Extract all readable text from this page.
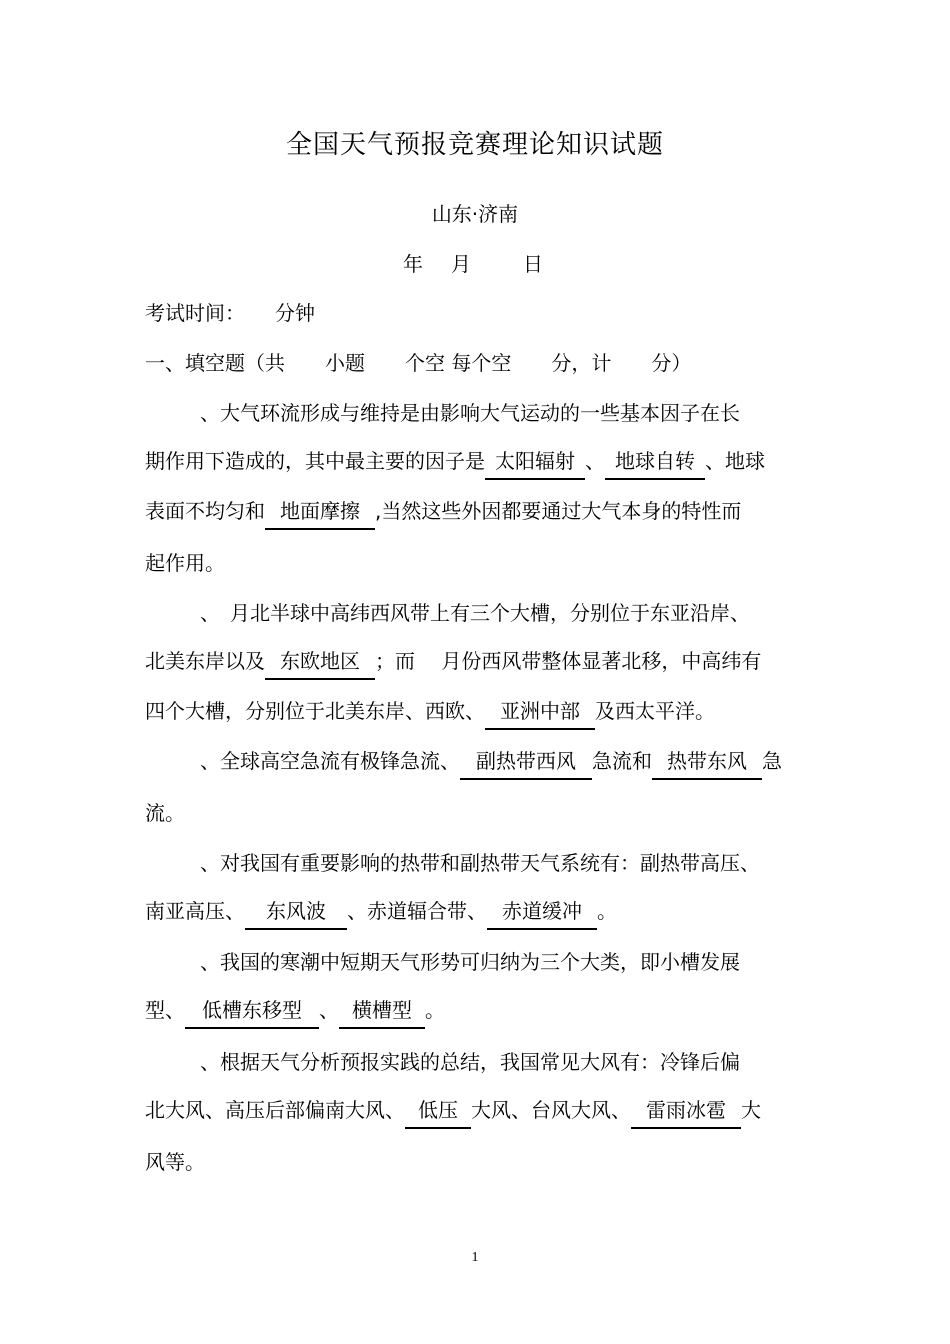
全国天气预报竞赛理论知识试题
山东·济南
年　月　　日
考试时间：　　分钟
一、填空题（共　　小题　　个空 每个空　　分，计　　分）
、大气环流形成与维持是由影响大气运动的一些基本因子在长
期作用下造成的，其中最主要的因子是 太阳辐射 、 地球自转 、地球
表面不均匀和 地面摩擦 ,当然这些外因都要通过大气本身的特性而
起作用。
、　月北半球中高纬西风带上有三个大槽，分别位于东亚沿岸、
北美东岸以及 东欧地区 ；而　 月份西风带整体显著北移，中高纬有
四个大槽，分别位于北美东岸、西欧、 亚洲中部 及西太平洋。
、全球高空急流有极锋急流、 副热带西风 急流和 热带东风 急
流。
、对我国有重要影响的热带和副热带天气系统有：副热带高压、
南亚高压、 东风波 、赤道辐合带、 赤道缓冲 。
、我国的寒潮中短期天气形势可归纳为三个大类，即小槽发展
型、 低槽东移型 、 横槽型 。
、根据天气分析预报实践的总结，我国常见大风有：冷锋后偏
北大风、高压后部偏南大风、 低压 大风、台风大风、 雷雨冰雹 大
风等。
1
